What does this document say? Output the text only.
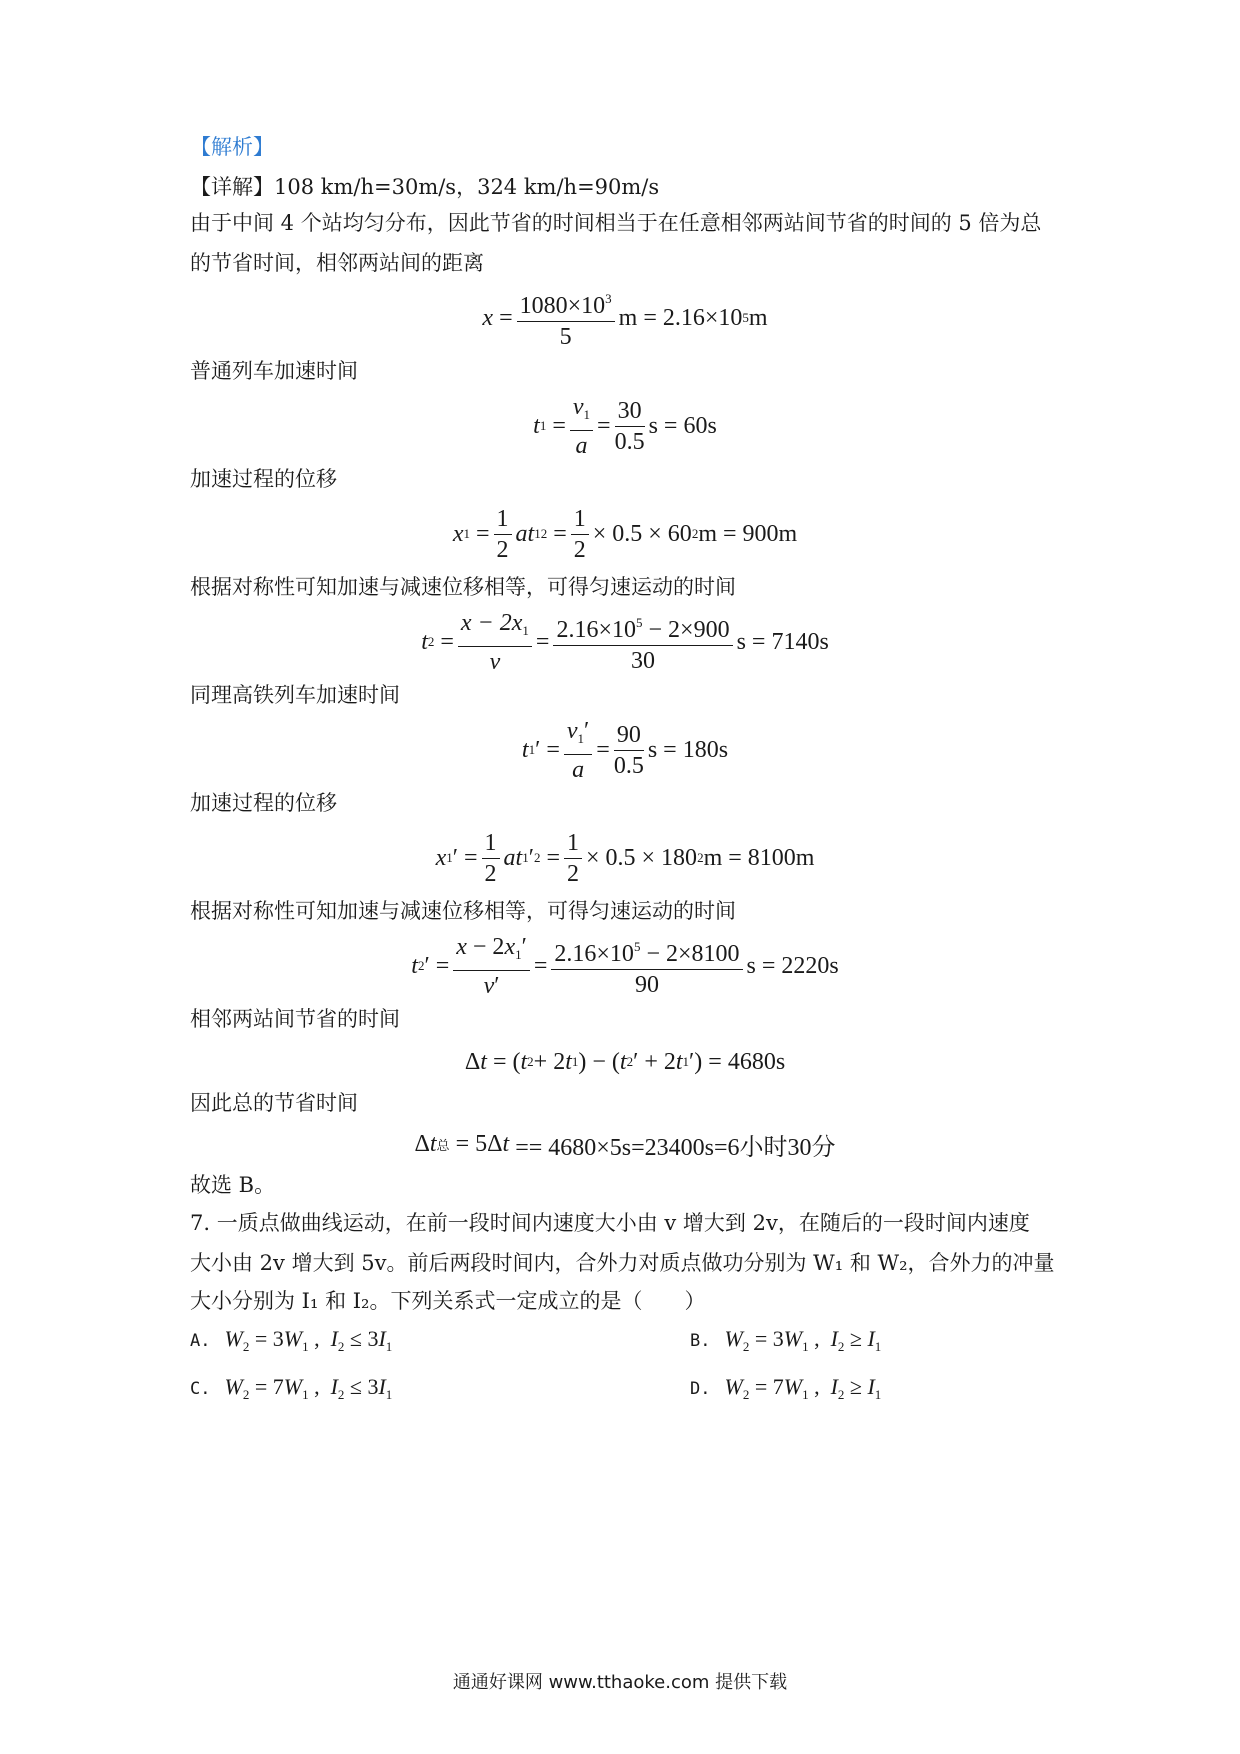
【解析】
【详解】108 km/h=30m/s，324 km/h=90m/s
由于中间 4 个站均匀分布，因此节省的时间相当于在任意相邻两站间节省的时间的 5 倍为总
的节省时间，相邻两站间的距离
$x = \frac{1080\times 10^3}{5}$ m = 2.16×10 5 m
普通列车加速时间
t $1 = \frac{v_1}{a} = \frac{30}{0.5}$ s = 60s
加速过程的位移
x $1 = \frac{1}{2}$ at 1 $2 = \frac{1}{2} \times 0.5 \times 60$ 2 m = 900m
根据对称性可知加速与减速位移相等，可得匀速运动的时间
t $2 = \frac{x - 2x_1}{v} = \frac{2.16\times 10^5 - 2\times 900}{30}$ s = 7140s
同理高铁列车加速时间
t 1 ′ = $\frac{v_1'}{a} = \frac{90}{0.5}$ s = 180s
加速过程的位移
x 1 ′ = $\frac{1}{2}$ at 1 ′ $2 = \frac{1}{2} \times 0.5 \times 180$ 2 m = 8100m
根据对称性可知加速与减速位移相等，可得匀速运动的时间
t 2 ′ = $\frac{x - 2x_1'}{v'} = \frac{2.16\times 10^5 - 2\times 8100}{90}$ s = 2220s
相邻两站间节省的时间
Δ t = ( t 2 + 2 t 1 ) − ( t 2 ′ + 2 t 1 ′) = 4680s
因此总的节省时间
Δ t 总 = 5Δ t == 4680×5s=23400s=6小时30分
故选 B。
7. 一质点做曲线运动，在前一段时间内速度大小由 v 增大到 2v，在随后的一段时间内速度
大小由 2v 增大到 5v。前后两段时间内，合外力对质点做功分别为 W₁ 和 W₂，合外力的冲量
大小分别为 I₁ 和 I₂。下列关系式一定成立的是（　　）
A. $W_2 = 3W_1$ ,  $I_2 \le 3I_1$	B. $W_2 = 3W_1$ ,  $I_2 \ge I_1$
C. $W_2 = 7W_1$ ,  $I_2 \le 3I_1$	D. $W_2 = 7W_1$ ,  $I_2 \ge I_1$
通通好课网 www.tthaoke.com 提供下载
